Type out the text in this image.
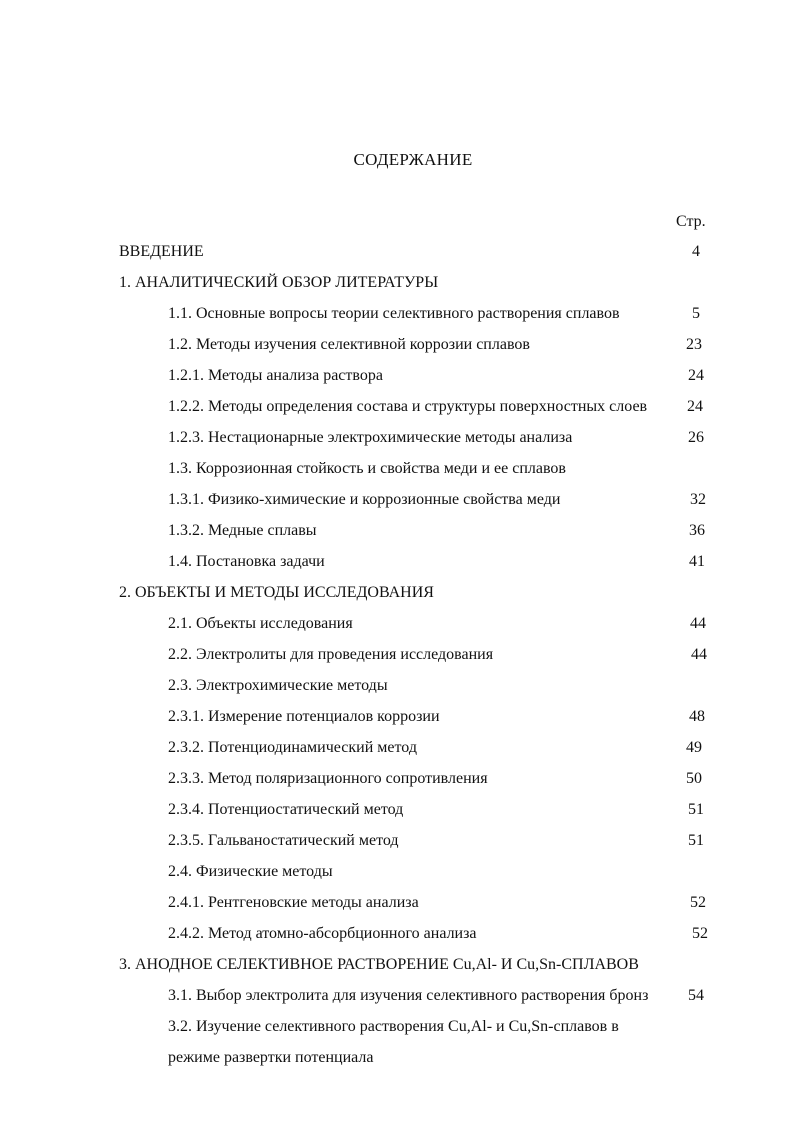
СОДЕРЖАНИЕ
Стр.
ВВЕДЕНИЕ	4
1. АНАЛИТИЧЕСКИЙ ОБЗОР ЛИТЕРАТУРЫ
1.1. Основные вопросы теории селективного растворения сплавов	5
1.2. Методы изучения селективной коррозии сплавов	23
1.2.1. Методы анализа раствора	24
1.2.2. Методы определения состава и структуры поверхностных слоев 24
1.2.3. Нестационарные электрохимические методы анализа	26
1.3. Коррозионная стойкость и свойства меди и ее сплавов
1.3.1. Физико-химические и коррозионные свойства меди	32
1.3.2. Медные сплавы	36
1.4. Постановка задачи	41
2. ОБЪЕКТЫ И МЕТОДЫ ИССЛЕДОВАНИЯ
2.1. Объекты исследования	44
2.2. Электролиты для проведения исследования	44
2.3. Электрохимические методы
2.3.1. Измерение потенциалов коррозии	48
2.3.2. Потенциодинамический метод	49
2.3.3. Метод поляризационного сопротивления	50
2.3.4. Потенциостатический метод	51
2.3.5. Гальваностатический метод	51
2.4. Физические методы
2.4.1. Рентгеновские методы анализа	52
2.4.2. Метод атомно-абсорбционного анализа	52
3. АНОДНОЕ СЕЛЕКТИВНОЕ РАСТВОРЕНИЕ Cu,Al- И Cu,Sn-СПЛАВОВ
3.1. Выбор электролита для изучения селективного растворения бронз 54
3.2. Изучение селективного растворения Cu,Al- и Cu,Sn-сплавов в
режиме развертки потенциала
